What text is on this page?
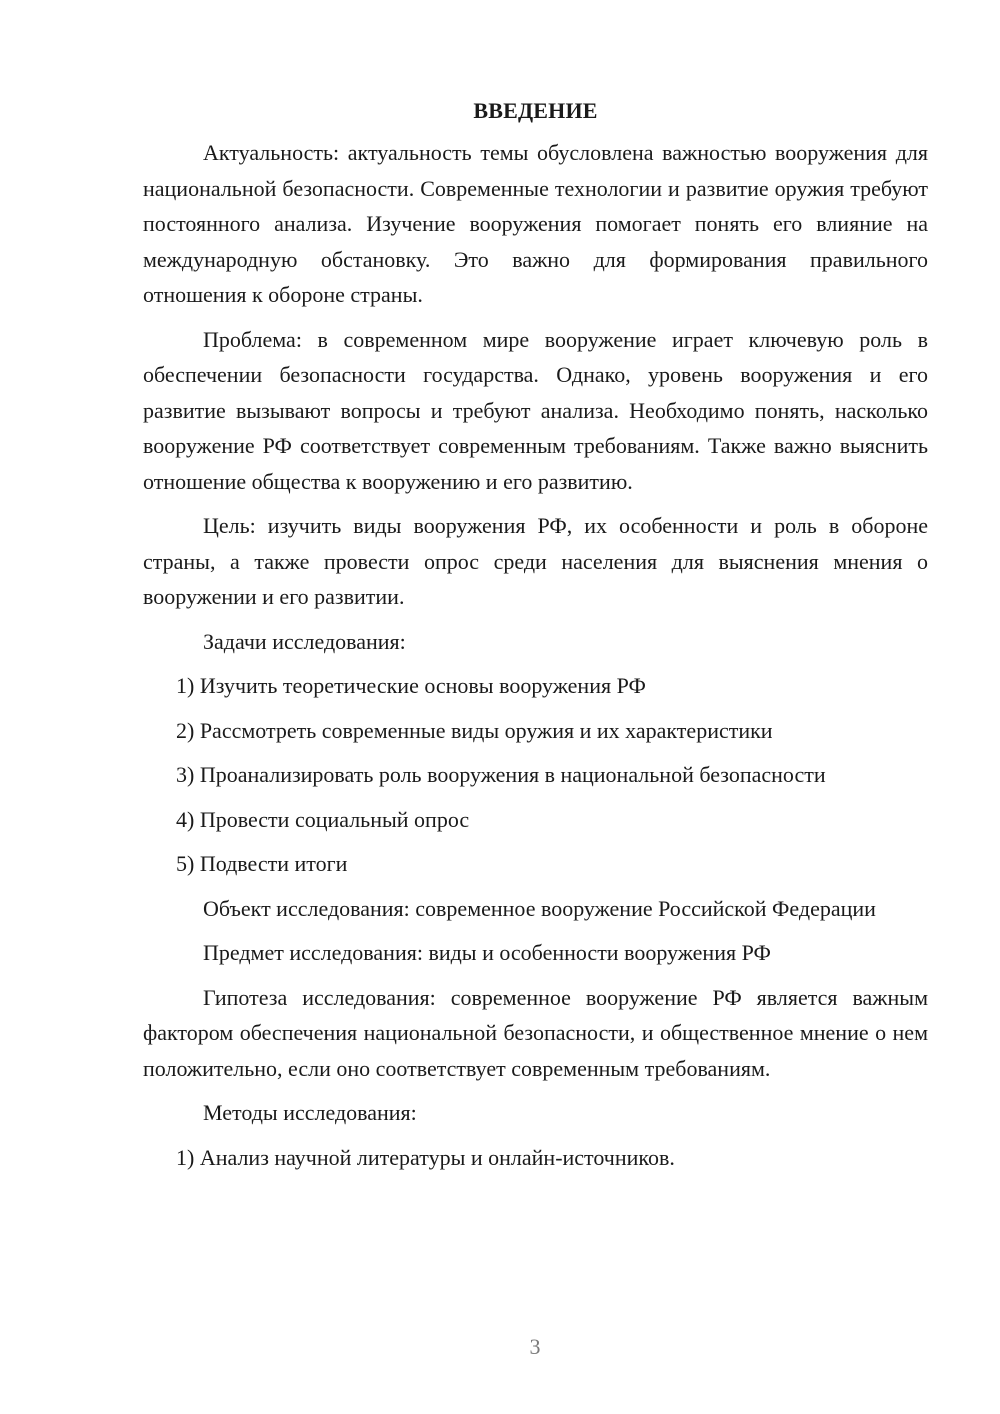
ВВЕДЕНИЕ

Актуальность: актуальность темы обусловлена важностью вооружения для национальной безопасности. Современные технологии и развитие оружия требуют постоянного анализа. Изучение вооружения помогает понять его влияние на международную обстановку. Это важно для формирования правильного отношения к обороне страны.

Проблема: в современном мире вооружение играет ключевую роль в обеспечении безопасности государства. Однако, уровень вооружения и его развитие вызывают вопросы и требуют анализа. Необходимо понять, насколько вооружение РФ соответствует современным требованиям. Также важно выяснить отношение общества к вооружению и его развитию.

Цель: изучить виды вооружения РФ, их особенности и роль в обороне страны, а также провести опрос среди населения для выяснения мнения о вооружении и его развитии.

Задачи исследования:

1) Изучить теоретические основы вооружения РФ

2) Рассмотреть современные виды оружия и их характеристики

3) Проанализировать роль вооружения в национальной безопасности

4) Провести социальный опрос

5) Подвести итоги

Объект исследования: современное вооружение Российской Федерации

Предмет исследования: виды и особенности вооружения РФ

Гипотеза исследования: современное вооружение РФ является важным фактором обеспечения национальной безопасности, и общественное мнение о нем положительно, если оно соответствует современным требованиям.

Методы исследования:

1) Анализ научной литературы и онлайн-источников.

3
